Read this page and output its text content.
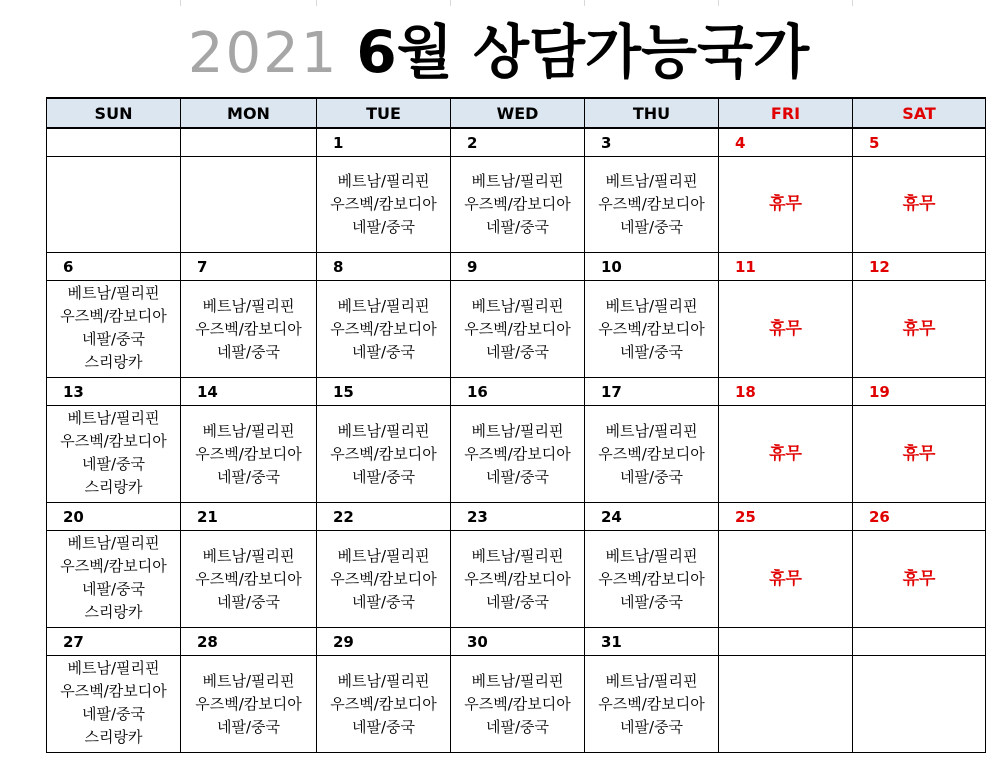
2021 6월 상담가능국가
SUN	MON	TUE	WED	THU	FRI	SAT
		1	2	3	4	5

		베트남/필리핀
우즈벡/캄보디아
네팔/중국	베트남/필리핀
우즈벡/캄보디아
네팔/중국	베트남/필리핀
우즈벡/캄보디아
네팔/중국	휴무	휴무

6	7	8	9	10	11	12

베트남/필리핀
우즈벡/캄보디아
네팔/중국
스리랑카	베트남/필리핀
우즈벡/캄보디아
네팔/중국	베트남/필리핀
우즈벡/캄보디아
네팔/중국	베트남/필리핀
우즈벡/캄보디아
네팔/중국	베트남/필리핀
우즈벡/캄보디아
네팔/중국	휴무	휴무

13	14	15	16	17	18	19

베트남/필리핀
우즈벡/캄보디아
네팔/중국
스리랑카	베트남/필리핀
우즈벡/캄보디아
네팔/중국	베트남/필리핀
우즈벡/캄보디아
네팔/중국	베트남/필리핀
우즈벡/캄보디아
네팔/중국	베트남/필리핀
우즈벡/캄보디아
네팔/중국	휴무	휴무

20	21	22	23	24	25	26

베트남/필리핀
우즈벡/캄보디아
네팔/중국
스리랑카	베트남/필리핀
우즈벡/캄보디아
네팔/중국	베트남/필리핀
우즈벡/캄보디아
네팔/중국	베트남/필리핀
우즈벡/캄보디아
네팔/중국	베트남/필리핀
우즈벡/캄보디아
네팔/중국	휴무	휴무

27	28	29	30	31		

베트남/필리핀
우즈벡/캄보디아
네팔/중국
스리랑카	베트남/필리핀
우즈벡/캄보디아
네팔/중국	베트남/필리핀
우즈벡/캄보디아
네팔/중국	베트남/필리핀
우즈벡/캄보디아
네팔/중국	베트남/필리핀
우즈벡/캄보디아
네팔/중국		
